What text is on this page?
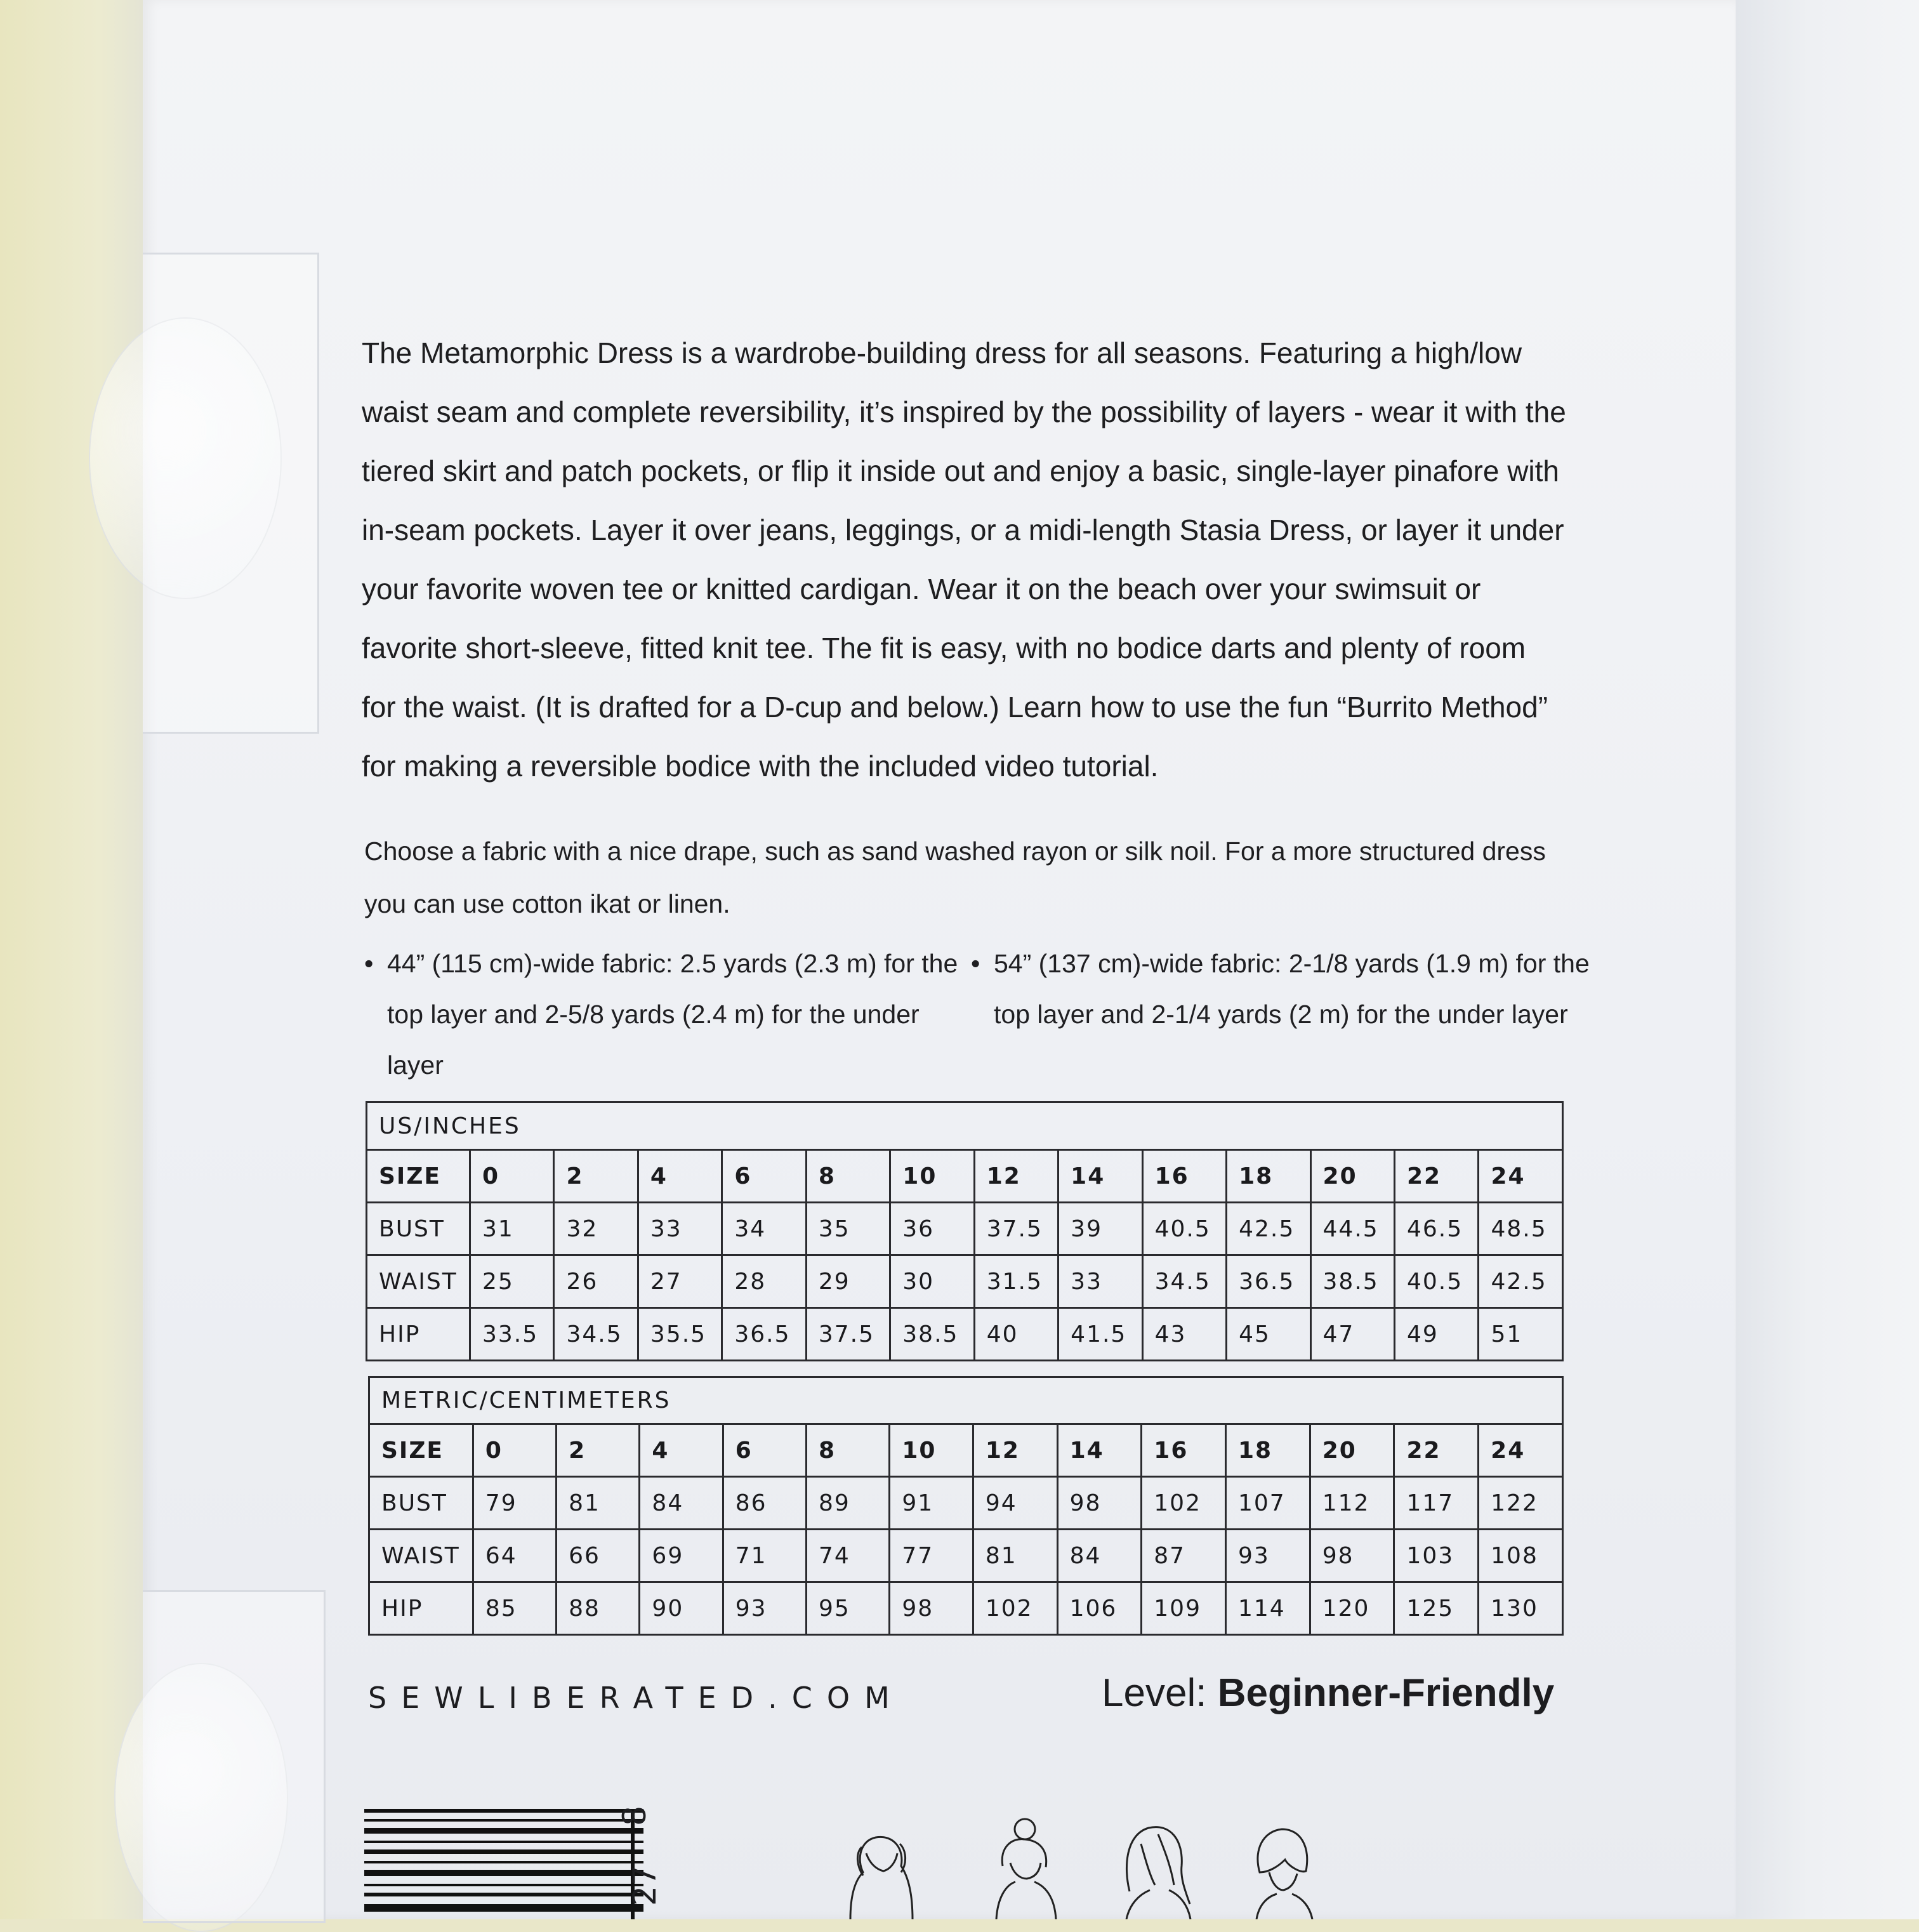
The Metamorphic Dress is a wardrobe-building dress for all seasons. Featuring a high/low waist seam and complete reversibility, it’s inspired by the possibility of layers - wear it with the tiered skirt and patch pockets, or flip it inside out and enjoy a basic, single-layer pinafore with in-seam pockets. Layer it over jeans, leggings, or a midi-length Stasia Dress, or layer it under your favorite woven tee or knitted cardigan. Wear it on the beach over your swimsuit or favorite short-sleeve, fitted knit tee. The fit is easy, with no bodice darts and plenty of room for the waist. (It is drafted for a D-cup and below.) Learn how to use the fun “Burrito Method” for making a reversible bodice with the included video tutorial.

Choose a fabric with a nice drape, such as sand washed rayon or silk noil. For a more structured dress you can use cotton ikat or linen.

• 44” (115 cm)-wide fabric: 2.5 yards (2.3 m) for the top layer and 2-5/8 yards (2.4 m) for the under layer
• 54” (137 cm)-wide fabric: 2-1/8 yards (1.9 m) for the top layer and 2-1/4 yards (2 m) for the under layer
US/INCHES													
SIZE	0	2	4	6	8	10	12	14	16	18	20	22	24
BUST	31	32	33	34	35	36	37.5	39	40.5	42.5	44.5	46.5	48.5
WAIST	25	26	27	28	29	30	31.5	33	34.5	36.5	38.5	40.5	42.5
HIP	33.5	34.5	35.5	36.5	37.5	38.5	40	41.5	43	45	47	49	51
METRIC/CENTIMETERS													
SIZE	0	2	4	6	8	10	12	14	16	18	20	22	24
BUST	79	81	84	86	89	91	94	98	102	107	112	117	122
WAIST	64	66	69	71	74	77	81	84	87	93	98	103	108
HIP	85	88	90	93	95	98	102	106	109	114	120	125	130
SEWLIBERATED.COM	Level: Beginner-Friendly
8
27
